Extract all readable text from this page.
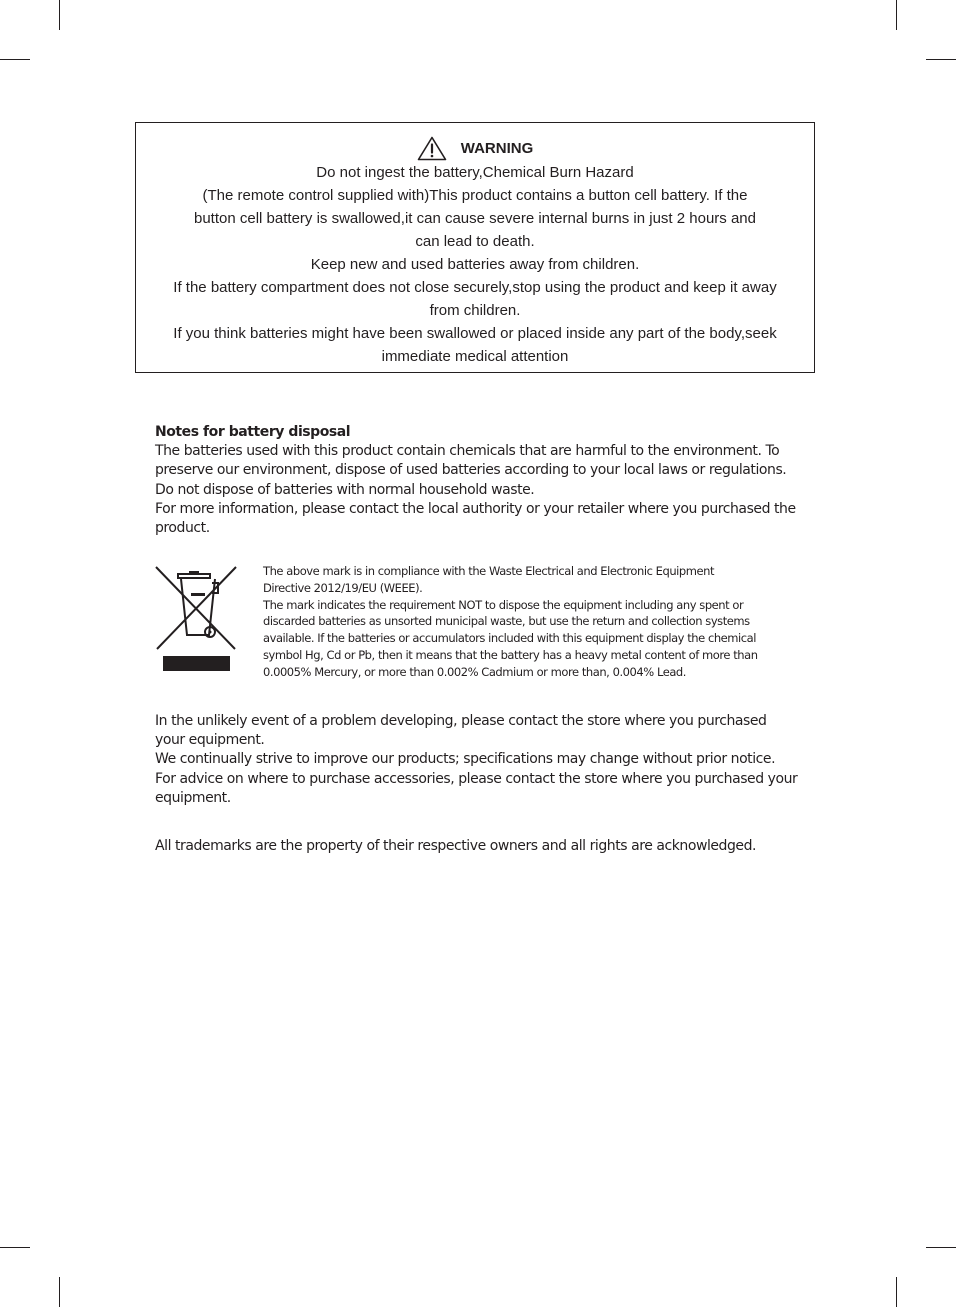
WARNING
Do not ingest the battery,Chemical Burn Hazard
(The remote control supplied with)This product contains a button cell battery. If the
button cell battery is swallowed,it can cause severe internal burns in just 2 hours and
can lead to death.
Keep new and used batteries away from children.
If the battery compartment does not close securely,stop using the product and keep it away
from children.
If you think batteries might have been swallowed or placed inside any part of the body,seek
immediate medical attention
Notes for battery disposal
The batteries used with this product contain chemicals that are harmful to the environment. To
preserve our environment, dispose of used batteries according to your local laws or regulations.
Do not dispose of batteries with normal household waste.
For more information, please contact the local authority or your retailer where you purchased the
product.
The above mark is in compliance with the Waste Electrical and Electronic Equipment
Directive 2012/19/EU (WEEE).
The mark indicates the requirement NOT to dispose the equipment including any spent or
discarded batteries as unsorted municipal waste, but use the return and collection systems
available. If the batteries or accumulators included with this equipment display the chemical
symbol Hg, Cd or Pb, then it means that the battery has a heavy metal content of more than
0.0005% Mercury, or more than 0.002% Cadmium or more than, 0.004% Lead.
In the unlikely event of a problem developing, please contact the store where you purchased
your equipment.
We continually strive to improve our products; specifications may change without prior notice.
For advice on where to purchase accessories, please contact the store where you purchased your
equipment.
All trademarks are the property of their respective owners and all rights are acknowledged.
